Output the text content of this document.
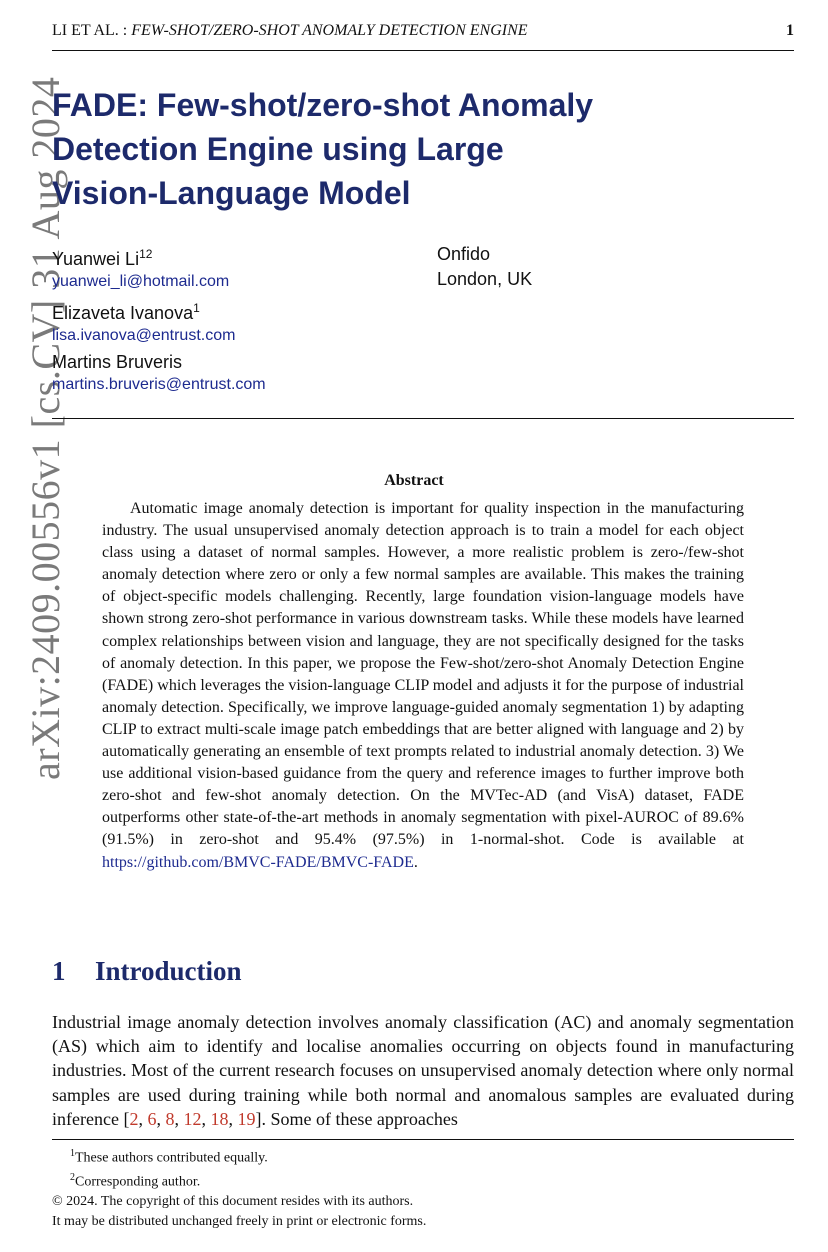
LI ET AL. : FEW-SHOT/ZERO-SHOT ANOMALY DETECTION ENGINE	1
arXiv:2409.00556v1 [cs.CV] 31 Aug 2024
FADE: Few-shot/zero-shot Anomaly
Detection Engine using Large
Vision-Language Model
Yuanwei Li$^{12}$
yuanwei_li@hotmail.com
Elizaveta Ivanova$^1$
lisa.ivanova@entrust.com
Martins Bruveris
martins.bruveris@entrust.com
Onfido
London, UK
Abstract
Automatic image anomaly detection is important for quality inspection in the manufacturing industry. The usual unsupervised anomaly detection approach is to train a model for each object class using a dataset of normal samples. However, a more realistic problem is zero-/few-shot anomaly detection where zero or only a few normal samples are available. This makes the training of object-specific models challenging. Recently, large foundation vision-language models have shown strong zero-shot performance in various downstream tasks. While these models have learned complex relationships between vision and language, they are not specifically designed for the tasks of anomaly detection. In this paper, we propose the Few-shot/zero-shot Anomaly Detection Engine (FADE) which leverages the vision-language CLIP model and adjusts it for the purpose of industrial anomaly detection. Specifically, we improve language-guided anomaly segmentation 1) by adapting CLIP to extract multi-scale image patch embeddings that are better aligned with language and 2) by automatically generating an ensemble of text prompts related to industrial anomaly detection. 3) We use additional vision-based guidance from the query and reference images to further improve both zero-shot and few-shot anomaly detection. On the MVTec-AD (and VisA) dataset, FADE outperforms other state-of-the-art methods in anomaly segmentation with pixel-AUROC of 89.6% (91.5%) in zero-shot and 95.4% (97.5%) in 1-normal-shot. Code is available at https://github.com/BMVC-FADE/BMVC-FADE.
1 Introduction
Industrial image anomaly detection involves anomaly classification (AC) and anomaly segmentation (AS) which aim to identify and localise anomalies occurring on objects found in manufacturing industries. Most of the current research focuses on unsupervised anomaly detection where only normal samples are used during training while both normal and anomalous samples are evaluated during inference [2, 6, 8, 12, 18, 19]. Some of these approaches
$^1$These authors contributed equally.
$^2$Corresponding author.
© 2024. The copyright of this document resides with its authors.
It may be distributed unchanged freely in print or electronic forms.
